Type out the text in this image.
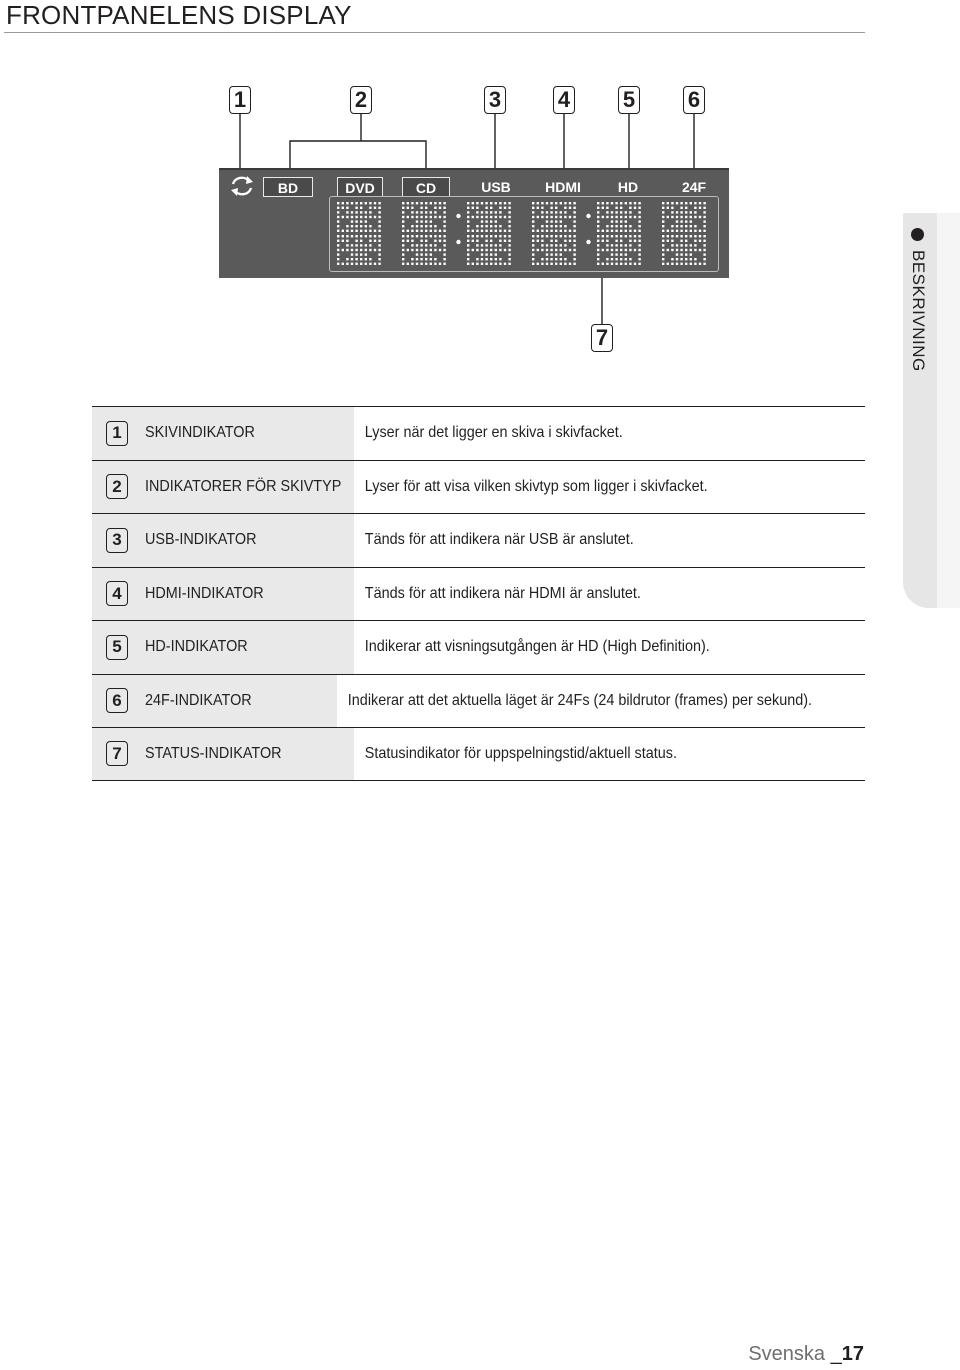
FRONTPANELENS DISPLAY
1	2	3	4 5 6
BD	DVD	CD	USB	HDMI	HD	24F
7	BESKRIVNING
1	SKIVINDIKATOR	Lyser när det ligger en skiva i skivfacket.
2	INDIKATORER FÖR SKIVTYP	Lyser för att visa vilken skivtyp som ligger i skivfacket.
3	USB-INDIKATOR	Tänds för att indikera när USB är anslutet.
4	HDMI-INDIKATOR	Tänds för att indikera när HDMI är anslutet.
5	HD-INDIKATOR	Indikerar att visningsutgången är HD (High Definition).
6	24F-INDIKATOR	Indikerar att det aktuella läget är 24Fs (24 bildrutor (frames) per sekund).
7	STATUS-INDIKATOR	Statusindikator för uppspelningstid/aktuell status.
Svenska _17
